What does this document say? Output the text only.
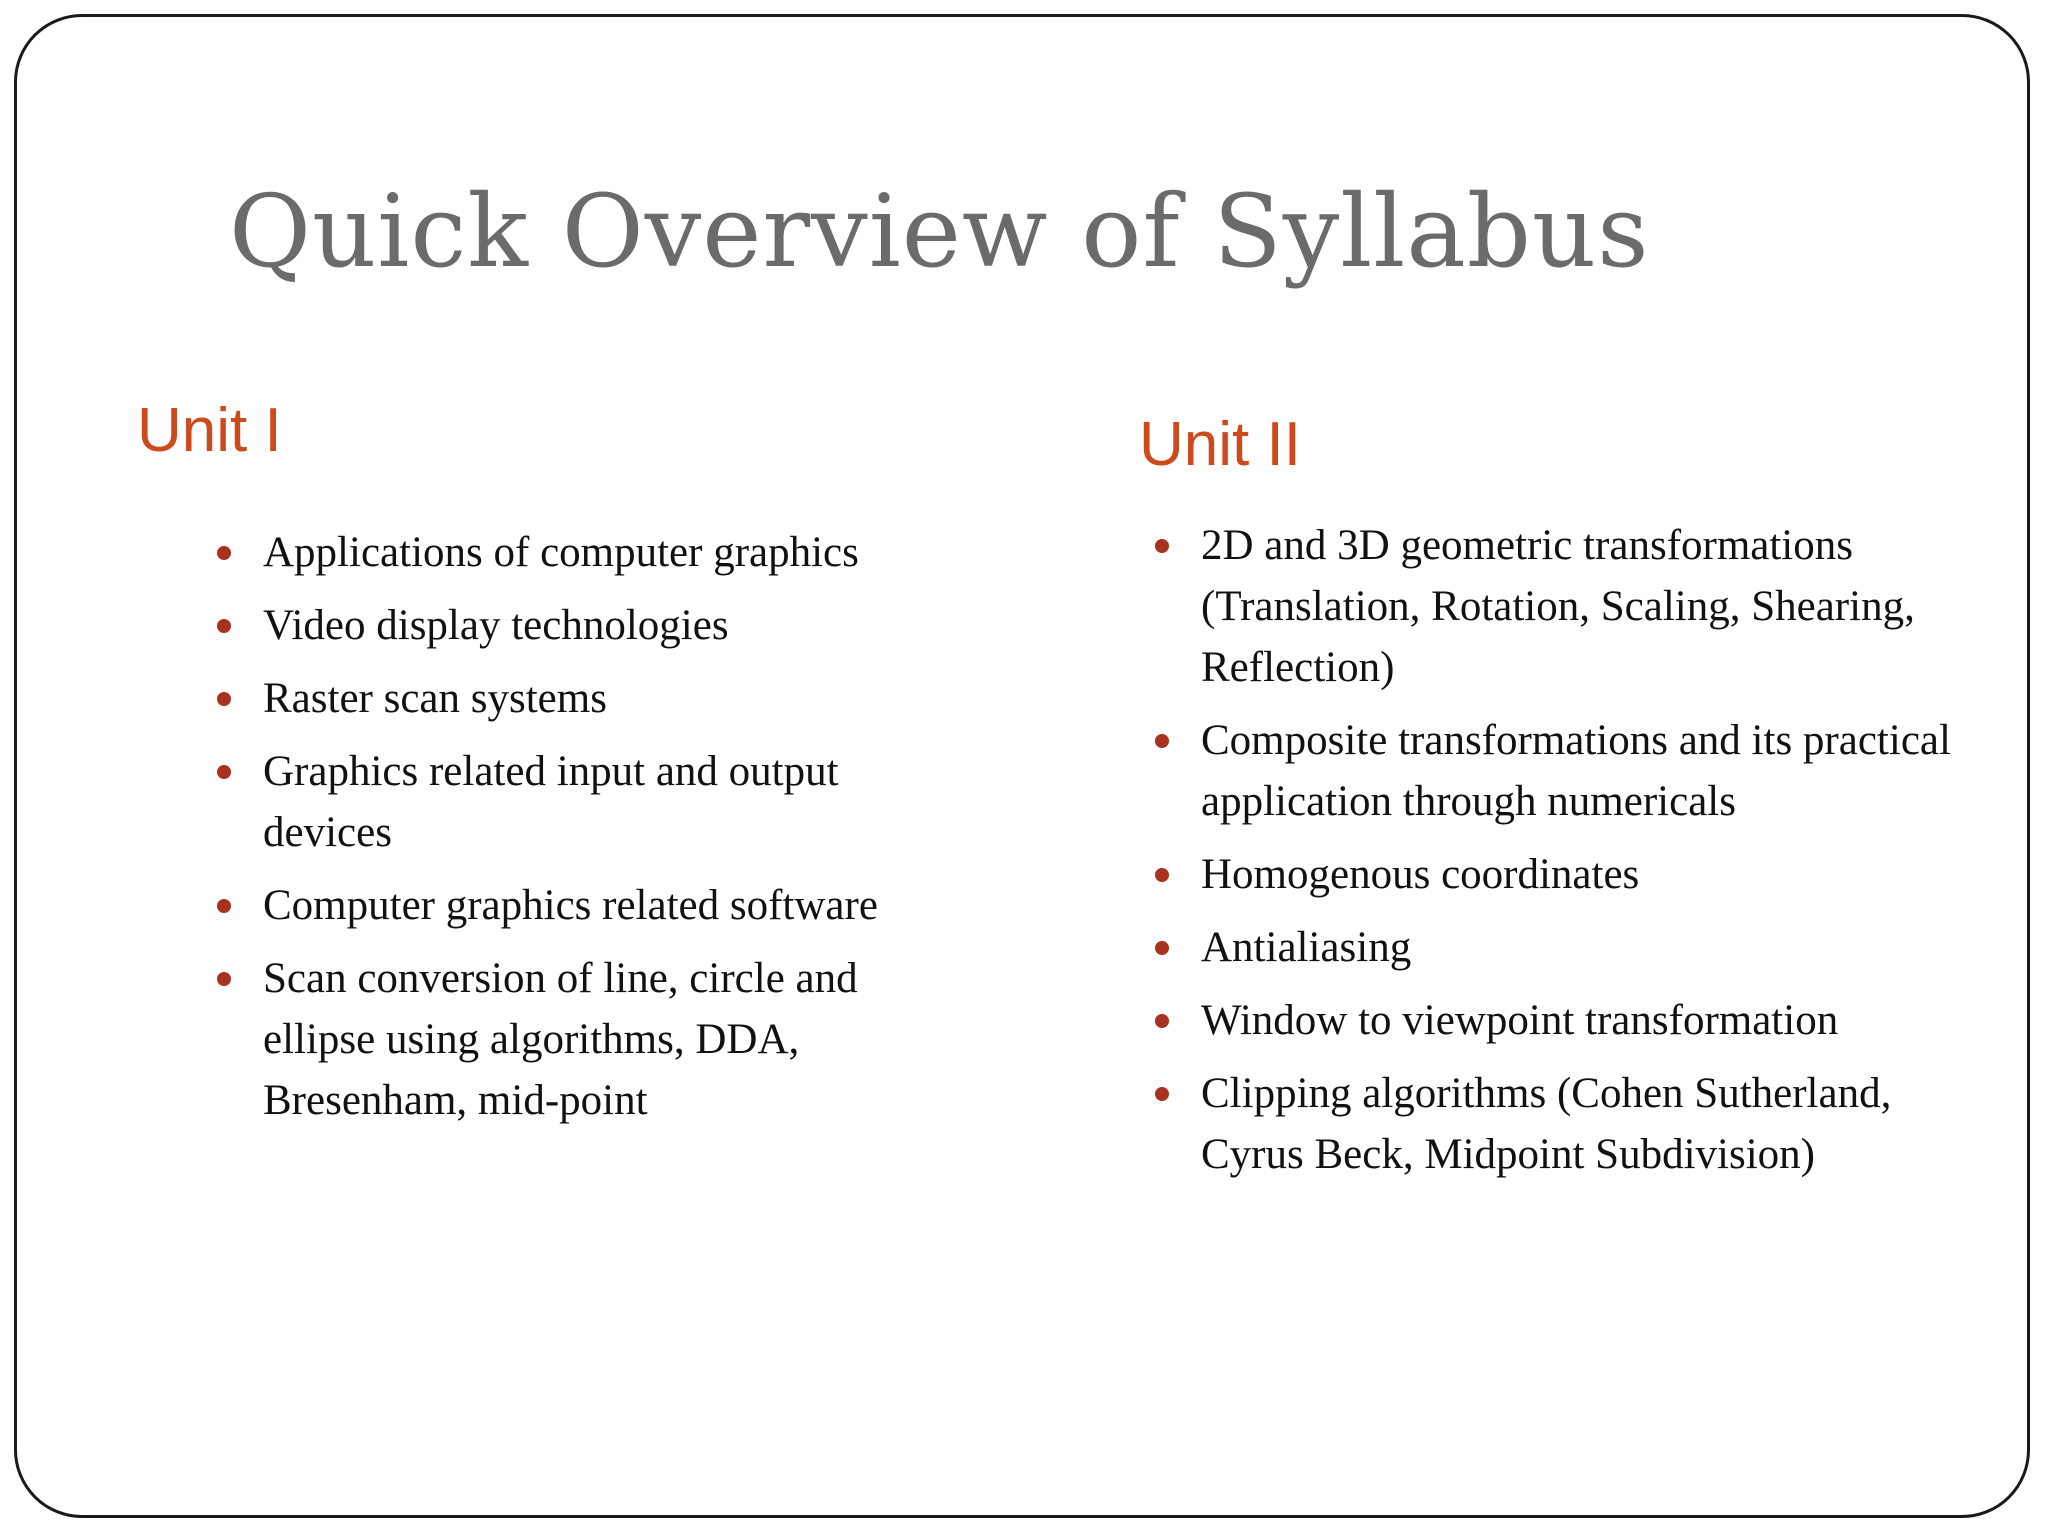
Quick Overview of Syllabus
Unit I
Applications of computer graphics
Video display technologies
Raster scan systems
Graphics related input and output devices
Computer graphics related software
Scan conversion of line, circle and ellipse using algorithms, DDA, Bresenham, mid-point
Unit II
2D and 3D geometric transformations (Translation, Rotation, Scaling, Shearing, Reflection)
Composite transformations and its practical application through numericals
Homogenous coordinates
Antialiasing
Window to viewpoint transformation
Clipping algorithms (Cohen Sutherland, Cyrus Beck, Midpoint Subdivision)
